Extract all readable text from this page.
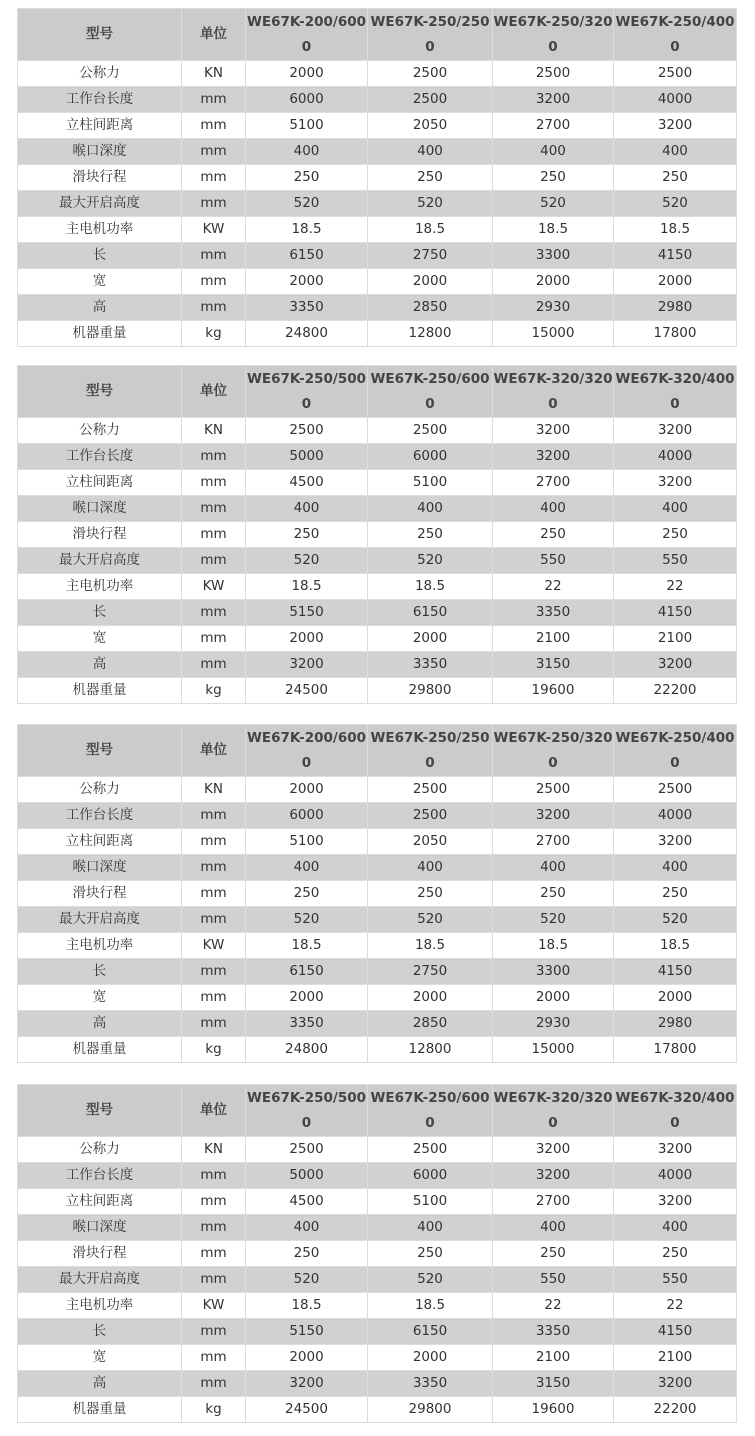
型号	单位	WE67K-200/6000	WE67K-250/2500	WE67K-250/3200	WE67K-250/4000
公称力	KN	2000	2500	2500	2500
工作台长度	mm	6000	2500	3200	4000
立柱间距离	mm	5100	2050	2700	3200
喉口深度	mm	400	400	400	400
滑块行程	mm	250	250	250	250
最大开启高度	mm	520	520	520	520
主电机功率	KW	18.5	18.5	18.5	18.5
长	mm	6150	2750	3300	4150
宽	mm	2000	2000	2000	2000
高	mm	3350	2850	2930	2980
机器重量	kg	24800	12800	15000	17800
型号	单位	WE67K-250/5000	WE67K-250/6000	WE67K-320/3200	WE67K-320/4000
公称力	KN	2500	2500	3200	3200
工作台长度	mm	5000	6000	3200	4000
立柱间距离	mm	4500	5100	2700	3200
喉口深度	mm	400	400	400	400
滑块行程	mm	250	250	250	250
最大开启高度	mm	520	520	550	550
主电机功率	KW	18.5	18.5	22	22
长	mm	5150	6150	3350	4150
宽	mm	2000	2000	2100	2100
高	mm	3200	3350	3150	3200
机器重量	kg	24500	29800	19600	22200
型号	单位	WE67K-200/6000	WE67K-250/2500	WE67K-250/3200	WE67K-250/4000
公称力	KN	2000	2500	2500	2500
工作台长度	mm	6000	2500	3200	4000
立柱间距离	mm	5100	2050	2700	3200
喉口深度	mm	400	400	400	400
滑块行程	mm	250	250	250	250
最大开启高度	mm	520	520	520	520
主电机功率	KW	18.5	18.5	18.5	18.5
长	mm	6150	2750	3300	4150
宽	mm	2000	2000	2000	2000
高	mm	3350	2850	2930	2980
机器重量	kg	24800	12800	15000	17800
型号	单位	WE67K-250/5000	WE67K-250/6000	WE67K-320/3200	WE67K-320/4000
公称力	KN	2500	2500	3200	3200
工作台长度	mm	5000	6000	3200	4000
立柱间距离	mm	4500	5100	2700	3200
喉口深度	mm	400	400	400	400
滑块行程	mm	250	250	250	250
最大开启高度	mm	520	520	550	550
主电机功率	KW	18.5	18.5	22	22
长	mm	5150	6150	3350	4150
宽	mm	2000	2000	2100	2100
高	mm	3200	3350	3150	3200
机器重量	kg	24500	29800	19600	22200
